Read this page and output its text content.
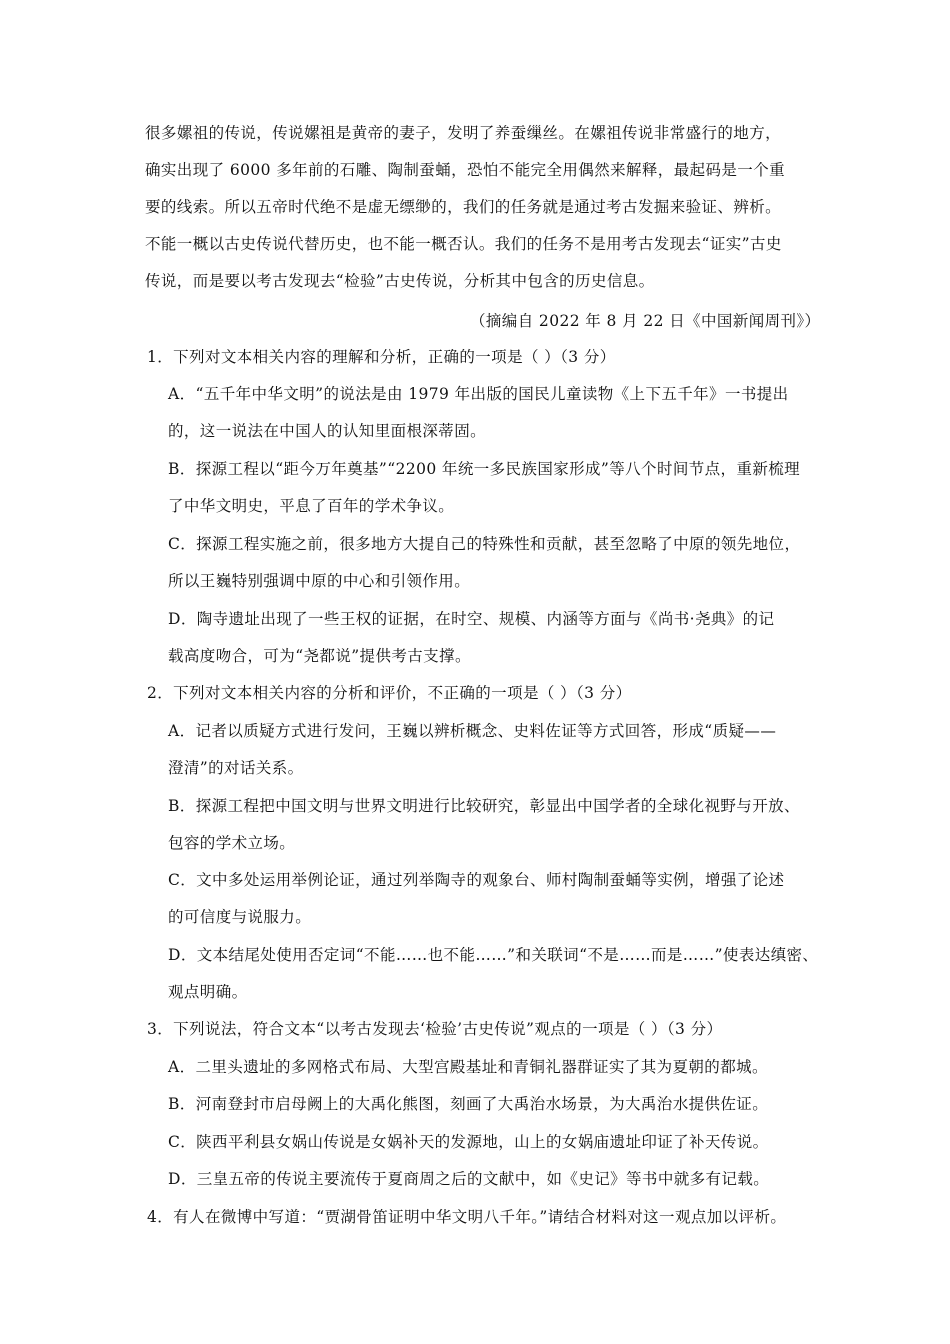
很多嫘祖的传说，传说嫘祖是黄帝的妻子，发明了养蚕缫丝。在嫘祖传说非常盛行的地方，
确实出现了 6000 多年前的石雕、陶制蚕蛹，恐怕不能完全用偶然来解释，最起码是一个重
要的线索。所以五帝时代绝不是虚无缥缈的，我们的任务就是通过考古发掘来验证、辨析。
不能一概以古史传说代替历史，也不能一概否认。我们的任务不是用考古发现去“证实”古史
传说，而是要以考古发现去“检验”古史传说，分析其中包含的历史信息。
（摘编自 2022 年 8 月 22 日《中国新闻周刊》）
1．下列对文本相关内容的理解和分析，正确的一项是（ ）（3 分）
A．“五千年中华文明”的说法是由 1979 年出版的国民儿童读物《上下五千年》一书提出
的，这一说法在中国人的认知里面根深蒂固。
B．探源工程以“距今万年奠基”“2200 年统一多民族国家形成”等八个时间节点，重新梳理
了中华文明史，平息了百年的学术争议。
C．探源工程实施之前，很多地方大提自己的特殊性和贡献，甚至忽略了中原的领先地位，
所以王巍特别强调中原的中心和引领作用。
D．陶寺遗址出现了一些王权的证据，在时空、规模、内涵等方面与《尚书·尧典》的记
载高度吻合，可为“尧都说”提供考古支撑。
2．下列对文本相关内容的分析和评价，不正确的一项是（ ）（3 分）
A．记者以质疑方式进行发问，王巍以辨析概念、史料佐证等方式回答，形成“质疑——
澄清”的对话关系。
B．探源工程把中国文明与世界文明进行比较研究，彰显出中国学者的全球化视野与开放、
包容的学术立场。
C．文中多处运用举例论证，通过列举陶寺的观象台、师村陶制蚕蛹等实例，增强了论述
的可信度与说服力。
D．文本结尾处使用否定词“不能……也不能……”和关联词“不是……而是……”使表达缜密、
观点明确。
3．下列说法，符合文本“以考古发现去‘检验’古史传说”观点的一项是（ ）（3 分）
A．二里头遗址的多网格式布局、大型宫殿基址和青铜礼器群证实了其为夏朝的都城。
B．河南登封市启母阙上的大禹化熊图，刻画了大禹治水场景，为大禹治水提供佐证。
C．陕西平利县女娲山传说是女娲补天的发源地，山上的女娲庙遗址印证了补天传说。
D．三皇五帝的传说主要流传于夏商周之后的文献中，如《史记》等书中就多有记载。
4．有人在微博中写道：“贾湖骨笛证明中华文明八千年。”请结合材料对这一观点加以评析。
